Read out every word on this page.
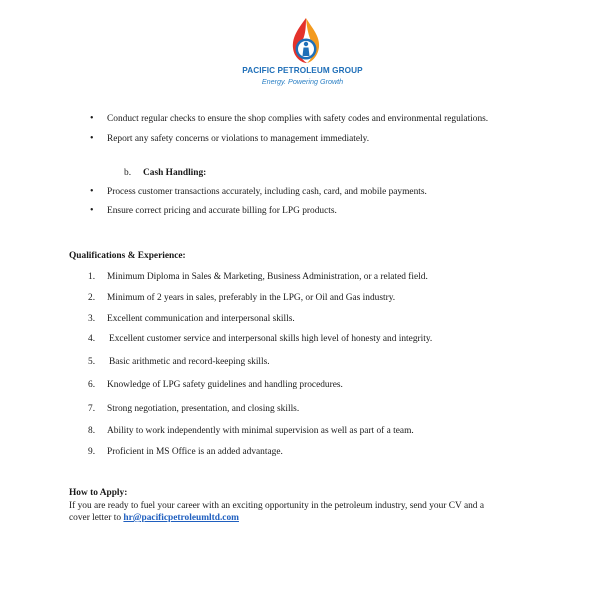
PACIFIC PETROLEUM GROUP
Energy. Powering Growth
• Conduct regular checks to ensure the shop complies with safety codes and environmental regulations.
• Report any safety concerns or violations to management immediately.
b. Cash Handling:
• Process customer transactions accurately, including cash, card, and mobile payments.
• Ensure correct pricing and accurate billing for LPG products.
Qualifications & Experience:
1. Minimum Diploma in Sales & Marketing, Business Administration, or a related field.
2. Minimum of 2 years in sales, preferably in the LPG, or Oil and Gas industry.
3. Excellent communication and interpersonal skills.
4. Excellent customer service and interpersonal skills high level of honesty and integrity.
5. Basic arithmetic and record-keeping skills.
6. Knowledge of LPG safety guidelines and handling procedures.
7. Strong negotiation, presentation, and closing skills.
8. Ability to work independently with minimal supervision as well as part of a team.
9. Proficient in MS Office is an added advantage.
How to Apply:
If you are ready to fuel your career with an exciting opportunity in the petroleum industry, send your CV and a
cover letter to hr@pacificpetroleumltd.com
